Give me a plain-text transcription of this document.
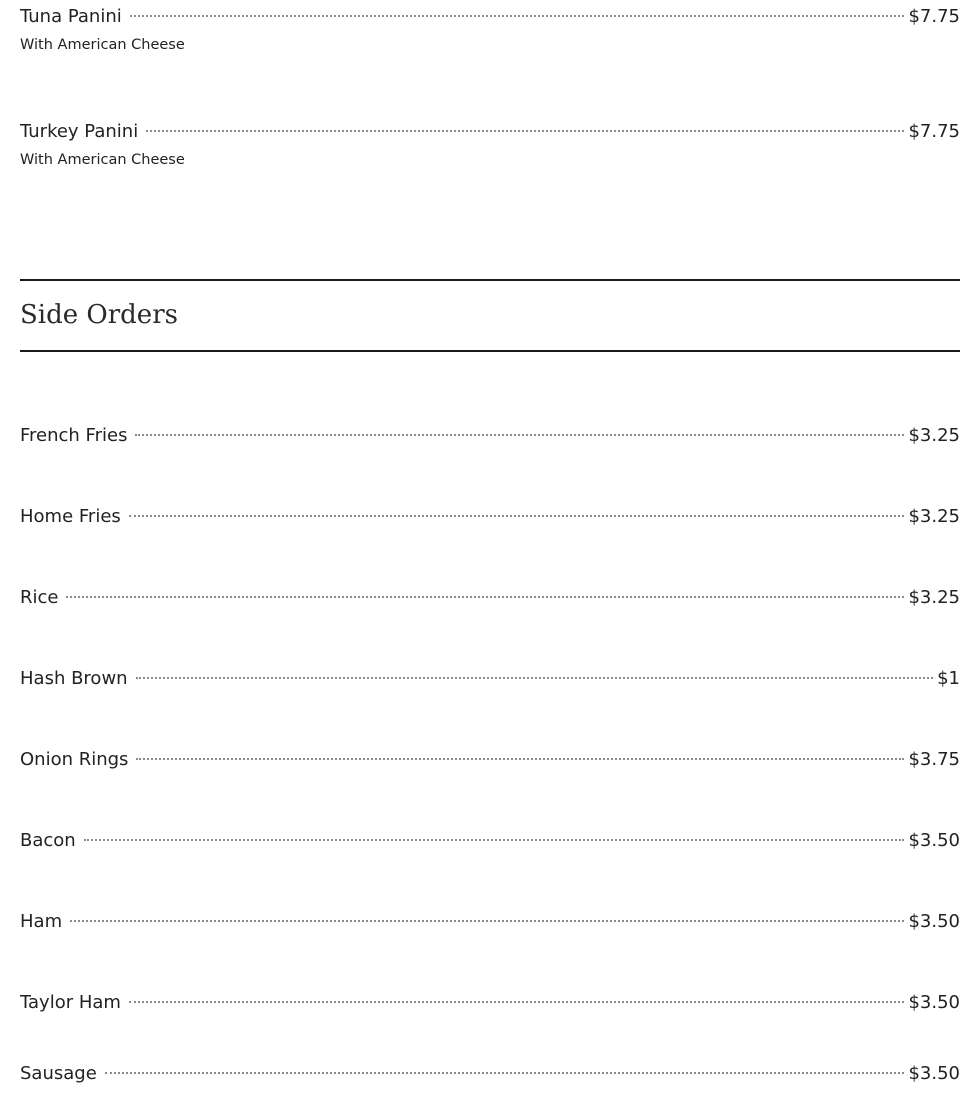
Tuna Panini	$7.75
With American Cheese
Turkey Panini	$7.75
With American Cheese
Side Orders
French Fries	$3.25
Home Fries	$3.25
Rice	$3.25
Hash Brown	$1
Onion Rings	$3.75
Bacon	$3.50
Ham	$3.50
Taylor Ham	$3.50
Sausage	$3.50
